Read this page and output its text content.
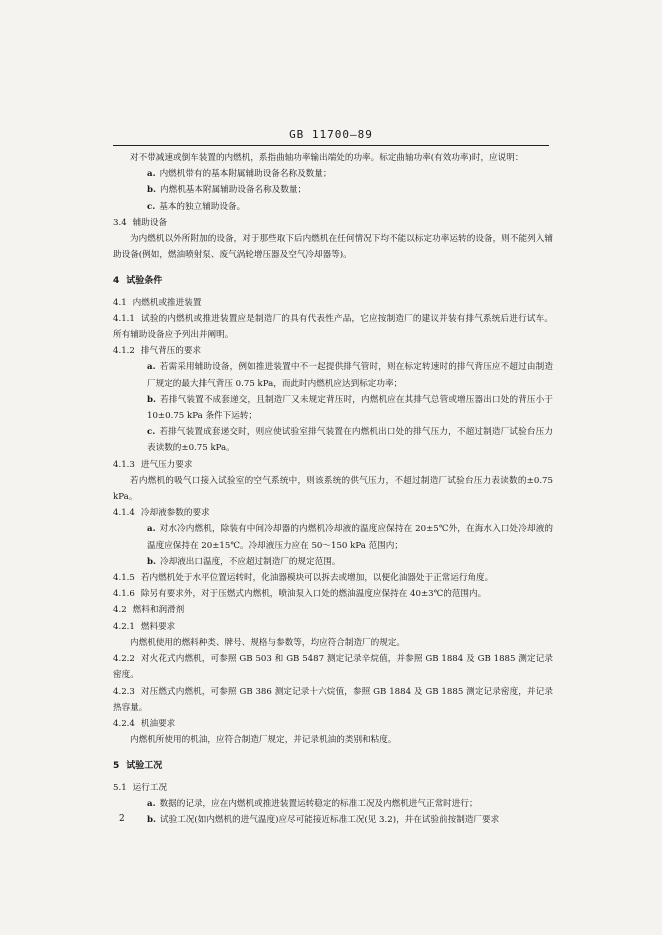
GB 11700—89

对不带减速或倒车装置的内燃机，系指曲轴功率输出端处的功率。标定曲轴功率(有效功率)时，应说明：

a. 内燃机带有的基本附属辅助设备名称及数量；

b. 内燃机基本附属辅助设备名称及数量；

c. 基本的独立辅助设备。

3.4 辅助设备

为内燃机以外所附加的设备，对于那些取下后内燃机在任何情况下均不能以标定功率运转的设备，则不能列入辅助设备(例如，燃油喷射泵、废气涡轮增压器及空气冷却器等)。

4 试验条件

4.1 内燃机或推进装置

4.1.1 试验的内燃机或推进装置应是制造厂的具有代表性产品，它应按制造厂的建议并装有排气系统后进行试车。所有辅助设备应予列出并阐明。

4.1.2 排气背压的要求

a. 若需采用辅助设备，例如推进装置中不一起提供排气管时，则在标定转速时的排气背压应不超过由制造厂规定的最大排气背压 0.75 kPa，而此时内燃机应达到标定功率；

b. 若排气装置不成套递交，且制造厂又未规定背压时，内燃机应在其排气总管或增压器出口处的背压小于 10±0.75 kPa 条件下运转；

c. 若排气装置成套递交时，则应使试验室排气装置在内燃机出口处的排气压力，不超过制造厂试验台压力表读数的±0.75 kPa。

4.1.3 进气压力要求

若内燃机的吸气口接入试验室的空气系统中，则该系统的供气压力，不超过制造厂试验台压力表读数的±0.75 kPa。

4.1.4 冷却液参数的要求

a. 对水冷内燃机，除装有中间冷却器的内燃机冷却液的温度应保持在 20±5℃外，在海水入口处冷却液的温度应保持在 20±15℃。冷却液压力应在 50～150 kPa 范围内；

b. 冷却液出口温度，不应超过制造厂的规定范围。

4.1.5 若内燃机处于水平位置运转时，化油器模块可以拆去或增加，以便化油器处于正常运行角度。

4.1.6 除另有要求外，对于压燃式内燃机，喷油泵入口处的燃油温度应保持在 40±3℃的范围内。

4.2 燃料和润滑剂

4.2.1 燃料要求

内燃机使用的燃料种类、牌号、规格与参数等，均应符合制造厂的规定。

4.2.2 对火花式内燃机，可参照 GB 503 和 GB 5487 测定记录辛烷值，并参照 GB 1884 及 GB 1885 测定记录密度。

4.2.3 对压燃式内燃机，可参照 GB 386 测定记录十六烷值，参照 GB 1884 及 GB 1885 测定记录密度，并记录热容量。

4.2.4 机油要求

内燃机所使用的机油，应符合制造厂规定，并记录机油的类别和粘度。

5 试验工况

5.1 运行工况

a. 数据的记录，应在内燃机或推进装置运转稳定的标准工况及内燃机进气正常时进行；

b. 试验工况(如内燃机的进气温度)应尽可能接近标准工况(见 3.2)，并在试验前按制造厂要求

2
